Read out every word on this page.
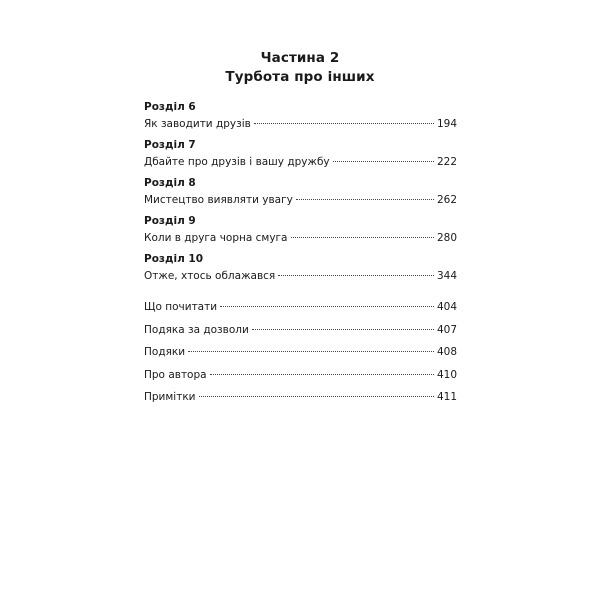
Частина 2
Турбота про інших
Розділ 6
Як заводити друзів	194
Розділ 7
Дбайте про друзів і вашу дружбу	222
Розділ 8
Мистецтво виявляти увагу	262
Розділ 9
Коли в друга чорна смуга	280
Розділ 10
Отже, хтось облажався	344
Що почитати	404
Подяка за дозволи	407
Подяки	408
Про автора	410
Примітки	411
